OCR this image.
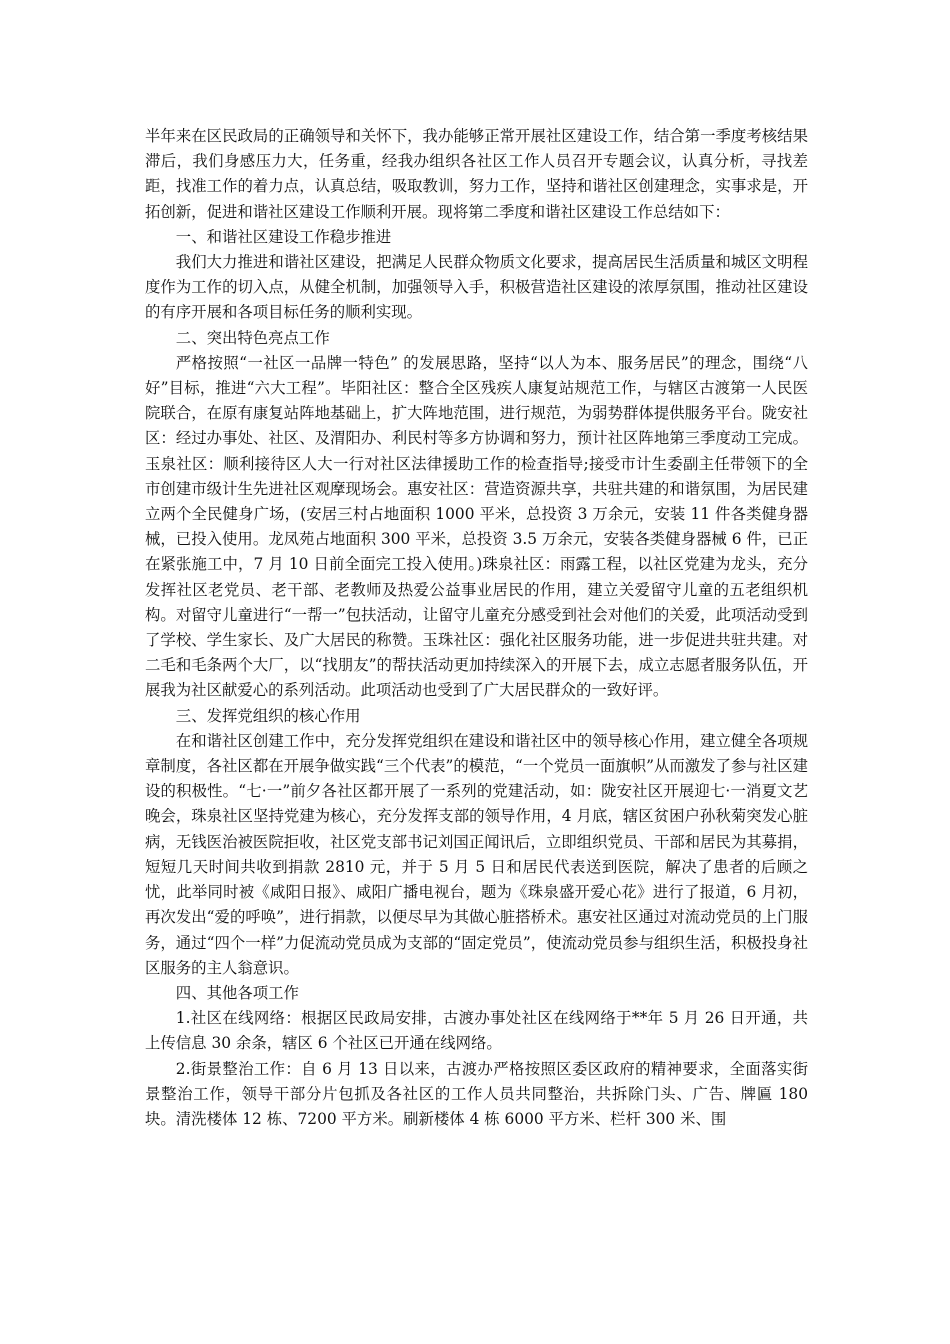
半年来在区民政局的正确领导和关怀下，我办能够正常开展社区建设工作，结合第一季度考核结果滞后，我们身感压力大，任务重，经我办组织各社区工作人员召开专题会议，认真分析，寻找差距，找准工作的着力点，认真总结，吸取教训，努力工作，坚持和谐社区创建理念，实事求是，开拓创新，促进和谐社区建设工作顺利开展。现将第二季度和谐社区建设工作总结如下：

一、和谐社区建设工作稳步推进

我们大力推进和谐社区建设，把满足人民群众物质文化要求，提高居民生活质量和城区文明程度作为工作的切入点，从健全机制，加强领导入手，积极营造社区建设的浓厚氛围，推动社区建设的有序开展和各项目标任务的顺利实现。

二、突出特色亮点工作

严格按照“一社区一品牌一特色” 的发展思路，坚持“以人为本、服务居民”的理念，围绕“八好”目标，推进“六大工程”。毕阳社区：整合全区残疾人康复站规范工作，与辖区古渡第一人民医院联合，在原有康复站阵地基础上，扩大阵地范围，进行规范，为弱势群体提供服务平台。陇安社区：经过办事处、社区、及渭阳办、利民村等多方协调和努力，预计社区阵地第三季度动工完成。玉泉社区：顺利接待区人大一行对社区法律援助工作的检查指导;接受市计生委副主任带领下的全市创建市级计生先进社区观摩现场会。惠安社区：营造资源共享，共驻共建的和谐氛围，为居民建立两个全民健身广场，(安居三村占地面积 1000 平米，总投资 3 万余元，安装 11 件各类健身器械，已投入使用。龙凤苑占地面积 300 平米，总投资 3.5 万余元，安装各类健身器械 6 件，已正在紧张施工中，7 月 10 日前全面完工投入使用。)珠泉社区：雨露工程，以社区党建为龙头，充分发挥社区老党员、老干部、老教师及热爱公益事业居民的作用，建立关爱留守儿童的五老组织机构。对留守儿童进行“一帮一”包扶活动，让留守儿童充分感受到社会对他们的关爱，此项活动受到了学校、学生家长、及广大居民的称赞。玉珠社区：强化社区服务功能，进一步促进共驻共建。对二毛和毛条两个大厂，以“找朋友”的帮扶活动更加持续深入的开展下去，成立志愿者服务队伍，开展我为社区献爱心的系列活动。此项活动也受到了广大居民群众的一致好评。

三、发挥党组织的核心作用

在和谐社区创建工作中，充分发挥党组织在建设和谐社区中的领导核心作用，建立健全各项规章制度，各社区都在开展争做实践“三个代表”的模范，“一个党员一面旗帜”从而激发了参与社区建设的积极性。“七·一”前夕各社区都开展了一系列的党建活动，如：陇安社区开展迎七·一消夏文艺晚会，珠泉社区坚持党建为核心，充分发挥支部的领导作用，4 月底，辖区贫困户孙秋菊突发心脏病，无钱医治被医院拒收，社区党支部书记刘国正闻讯后，立即组织党员、干部和居民为其募捐，短短几天时间共收到捐款 2810 元，并于 5 月 5 日和居民代表送到医院，解决了患者的后顾之忧，此举同时被《咸阳日报》、咸阳广播电视台，题为《珠泉盛开爱心花》进行了报道，6 月初，再次发出“爱的呼唤”，进行捐款，以便尽早为其做心脏搭桥术。惠安社区通过对流动党员的上门服务，通过“四个一样”力促流动党员成为支部的“固定党员”，使流动党员参与组织生活，积极投身社区服务的主人翁意识。

四、其他各项工作

1.社区在线网络：根据区民政局安排，古渡办事处社区在线网络于**年 5 月 26 日开通，共上传信息 30 余条，辖区 6 个社区已开通在线网络。

2.街景整治工作：自 6 月 13 日以来，古渡办严格按照区委区政府的精神要求，全面落实街景整治工作，领导干部分片包抓及各社区的工作人员共同整治，共拆除门头、广告、牌匾 180 块。清洗楼体 12 栋、7200 平方米。刷新楼体 4 栋 6000 平方米、栏杆 300 米、围
